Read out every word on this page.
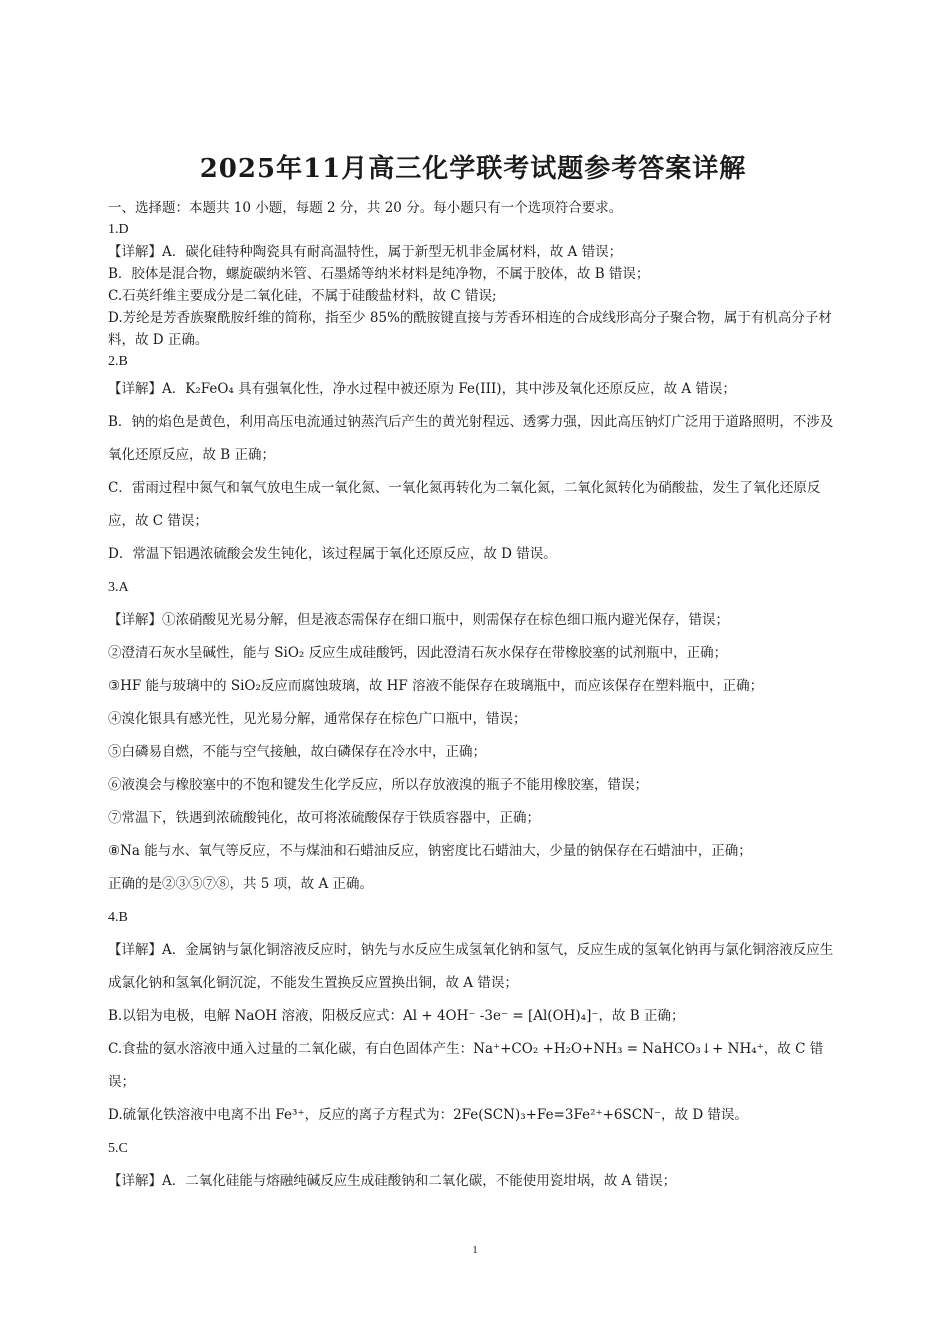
2025年11月高三化学联考试题参考答案详解
一、选择题：本题共 10 小题，每题 2 分，共 20 分。每小题只有一个选项符合要求。
1.D
【详解】A．碳化硅特种陶瓷具有耐高温特性，属于新型无机非金属材料，故 A 错误；
B．胶体是混合物，螺旋碳纳米管、石墨烯等纳米材料是纯净物，不属于胶体，故 B 错误；
C.石英纤维主要成分是二氧化硅，不属于硅酸盐材料，故 C 错误;
D.芳纶是芳香族聚酰胺纤维的简称，指至少 85%的酰胺键直接与芳香环相连的合成线形高分子聚合物，属于有机高分子材料，故 D 正确。
2.B
【详解】A．K₂FeO₄ 具有强氧化性，净水过程中被还原为 Fe(III)，其中涉及氧化还原反应，故 A 错误；
B．钠的焰色是黄色，利用高压电流通过钠蒸汽后产生的黄光射程远、透雾力强，因此高压钠灯广泛用于道路照明，不涉及氧化还原反应，故 B 正确；
C．雷雨过程中氮气和氧气放电生成一氧化氮、一氧化氮再转化为二氧化氮，二氧化氮转化为硝酸盐，发生了氧化还原反应，故 C 错误；
D．常温下铝遇浓硫酸会发生钝化，该过程属于氧化还原反应，故 D 错误。
3.A
【详解】①浓硝酸见光易分解，但是液态需保存在细口瓶中，则需保存在棕色细口瓶内避光保存，错误；
②澄清石灰水呈碱性，能与 SiO₂ 反应生成硅酸钙，因此澄清石灰水保存在带橡胶塞的试剂瓶中，正确；
③HF 能与玻璃中的 SiO₂反应而腐蚀玻璃，故 HF 溶液不能保存在玻璃瓶中，而应该保存在塑料瓶中，正确；
④溴化银具有感光性，见光易分解，通常保存在棕色广口瓶中，错误；
⑤白磷易自燃，不能与空气接触，故白磷保存在冷水中，正确；
⑥液溴会与橡胶塞中的不饱和键发生化学反应，所以存放液溴的瓶子不能用橡胶塞，错误；
⑦常温下，铁遇到浓硫酸钝化，故可将浓硫酸保存于铁质容器中，正确；
⑧Na 能与水、氧气等反应，不与煤油和石蜡油反应，钠密度比石蜡油大，少量的钠保存在石蜡油中，正确；
正确的是②③⑤⑦⑧，共 5 项，故 A 正确。
4.B
【详解】A．金属钠与氯化铜溶液反应时，钠先与水反应生成氢氧化钠和氢气，反应生成的氢氧化钠再与氯化铜溶液反应生成氯化钠和氢氧化铜沉淀，不能发生置换反应置换出铜，故 A 错误；
B.以铝为电极，电解 NaOH 溶液，阳极反应式：Al + 4OH⁻ -3e⁻ = [Al(OH)₄]⁻，故 B 正确；
C.食盐的氨水溶液中通入过量的二氧化碳，有白色固体产生：Na⁺+CO₂ +H₂O+NH₃ = NaHCO₃↓+ NH₄⁺，故 C 错误；
D.硫氰化铁溶液中电离不出 Fe³⁺，反应的离子方程式为：2Fe(SCN)₃+Fe=3Fe²⁺+6SCN⁻，故 D 错误。
5.C
【详解】A．二氧化硅能与熔融纯碱反应生成硅酸钠和二氧化碳，不能使用瓷坩埚，故 A 错误；
1
